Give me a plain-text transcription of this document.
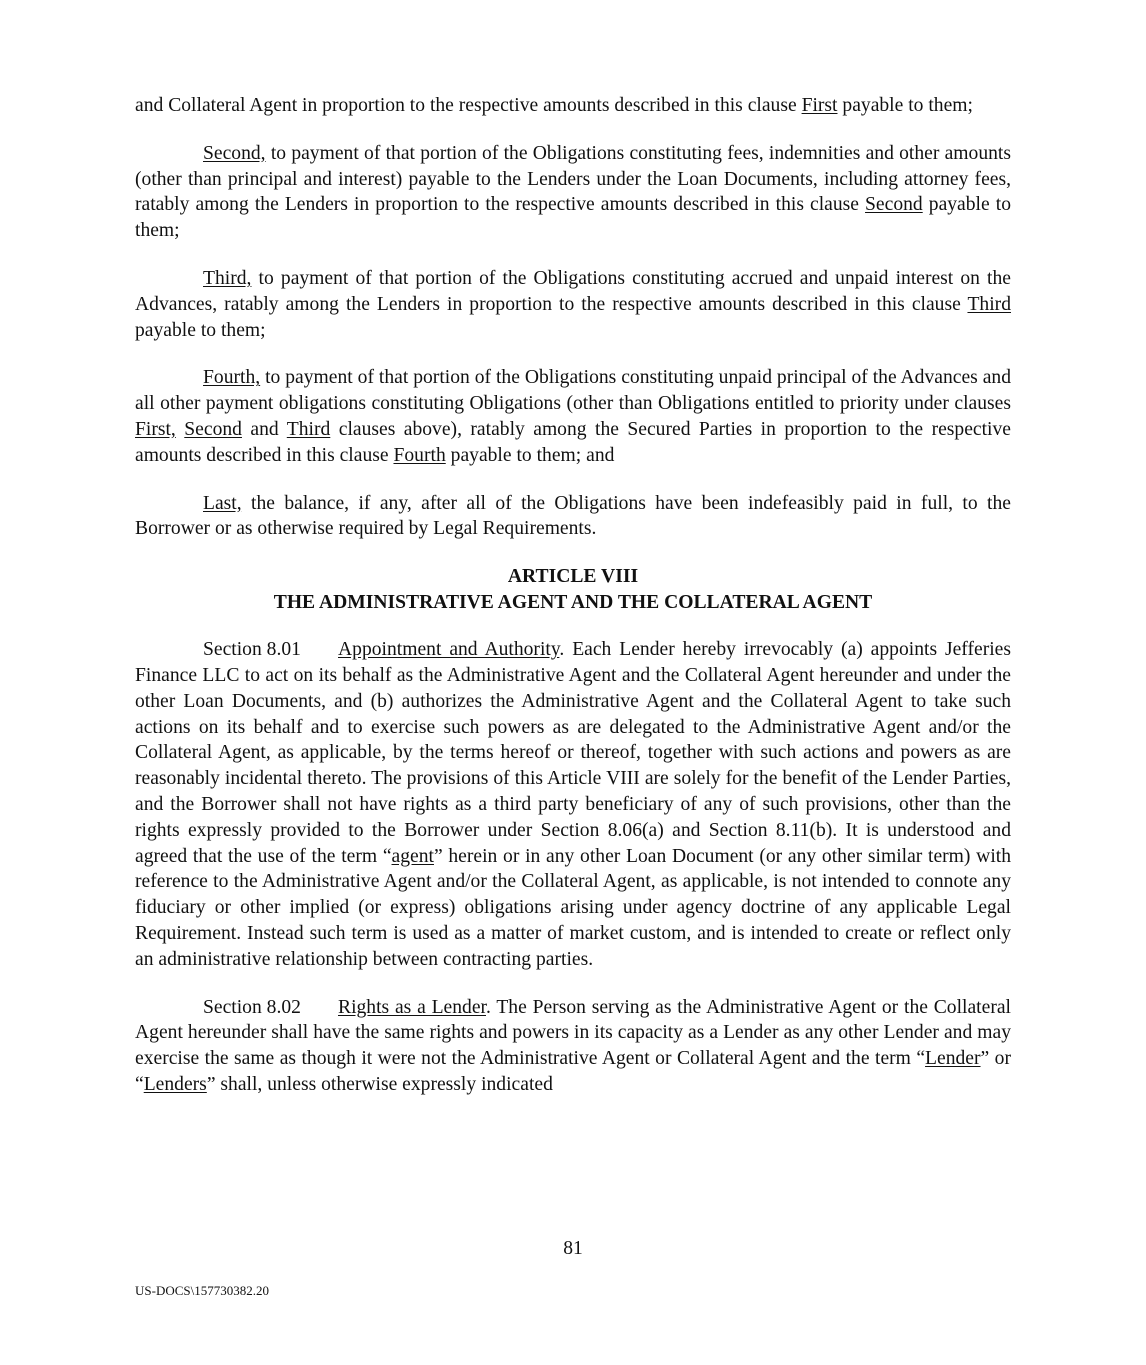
and Collateral Agent in proportion to the respective amounts described in this clause First payable to them;

Second, to payment of that portion of the Obligations constituting fees, indemnities and other amounts (other than principal and interest) payable to the Lenders under the Loan Documents, including attorney fees, ratably among the Lenders in proportion to the respective amounts described in this clause Second payable to them;

Third, to payment of that portion of the Obligations constituting accrued and unpaid interest on the Advances, ratably among the Lenders in proportion to the respective amounts described in this clause Third payable to them;

Fourth, to payment of that portion of the Obligations constituting unpaid principal of the Advances and all other payment obligations constituting Obligations (other than Obligations entitled to priority under clauses First, Second and Third clauses above), ratably among the Secured Parties in proportion to the respective amounts described in this clause Fourth payable to them; and

Last, the balance, if any, after all of the Obligations have been indefeasibly paid in full, to the Borrower or as otherwise required by Legal Requirements.

ARTICLE VIII
THE ADMINISTRATIVE AGENT AND THE COLLATERAL AGENT

Section 8.01 Appointment and Authority. Each Lender hereby irrevocably (a) appoints Jefferies Finance LLC to act on its behalf as the Administrative Agent and the Collateral Agent hereunder and under the other Loan Documents, and (b) authorizes the Administrative Agent and the Collateral Agent to take such actions on its behalf and to exercise such powers as are delegated to the Administrative Agent and/or the Collateral Agent, as applicable, by the terms hereof or thereof, together with such actions and powers as are reasonably incidental thereto. The provisions of this Article VIII are solely for the benefit of the Lender Parties, and the Borrower shall not have rights as a third party beneficiary of any of such provisions, other than the rights expressly provided to the Borrower under Section 8.06(a) and Section 8.11(b). It is understood and agreed that the use of the term “agent” herein or in any other Loan Document (or any other similar term) with reference to the Administrative Agent and/or the Collateral Agent, as applicable, is not intended to connote any fiduciary or other implied (or express) obligations arising under agency doctrine of any applicable Legal Requirement. Instead such term is used as a matter of market custom, and is intended to create or reflect only an administrative relationship between contracting parties.

Section 8.02 Rights as a Lender. The Person serving as the Administrative Agent or the Collateral Agent hereunder shall have the same rights and powers in its capacity as a Lender as any other Lender and may exercise the same as though it were not the Administrative Agent or Collateral Agent and the term “Lender” or “Lenders” shall, unless otherwise expressly indicated

81
US-DOCS\157730382.20
